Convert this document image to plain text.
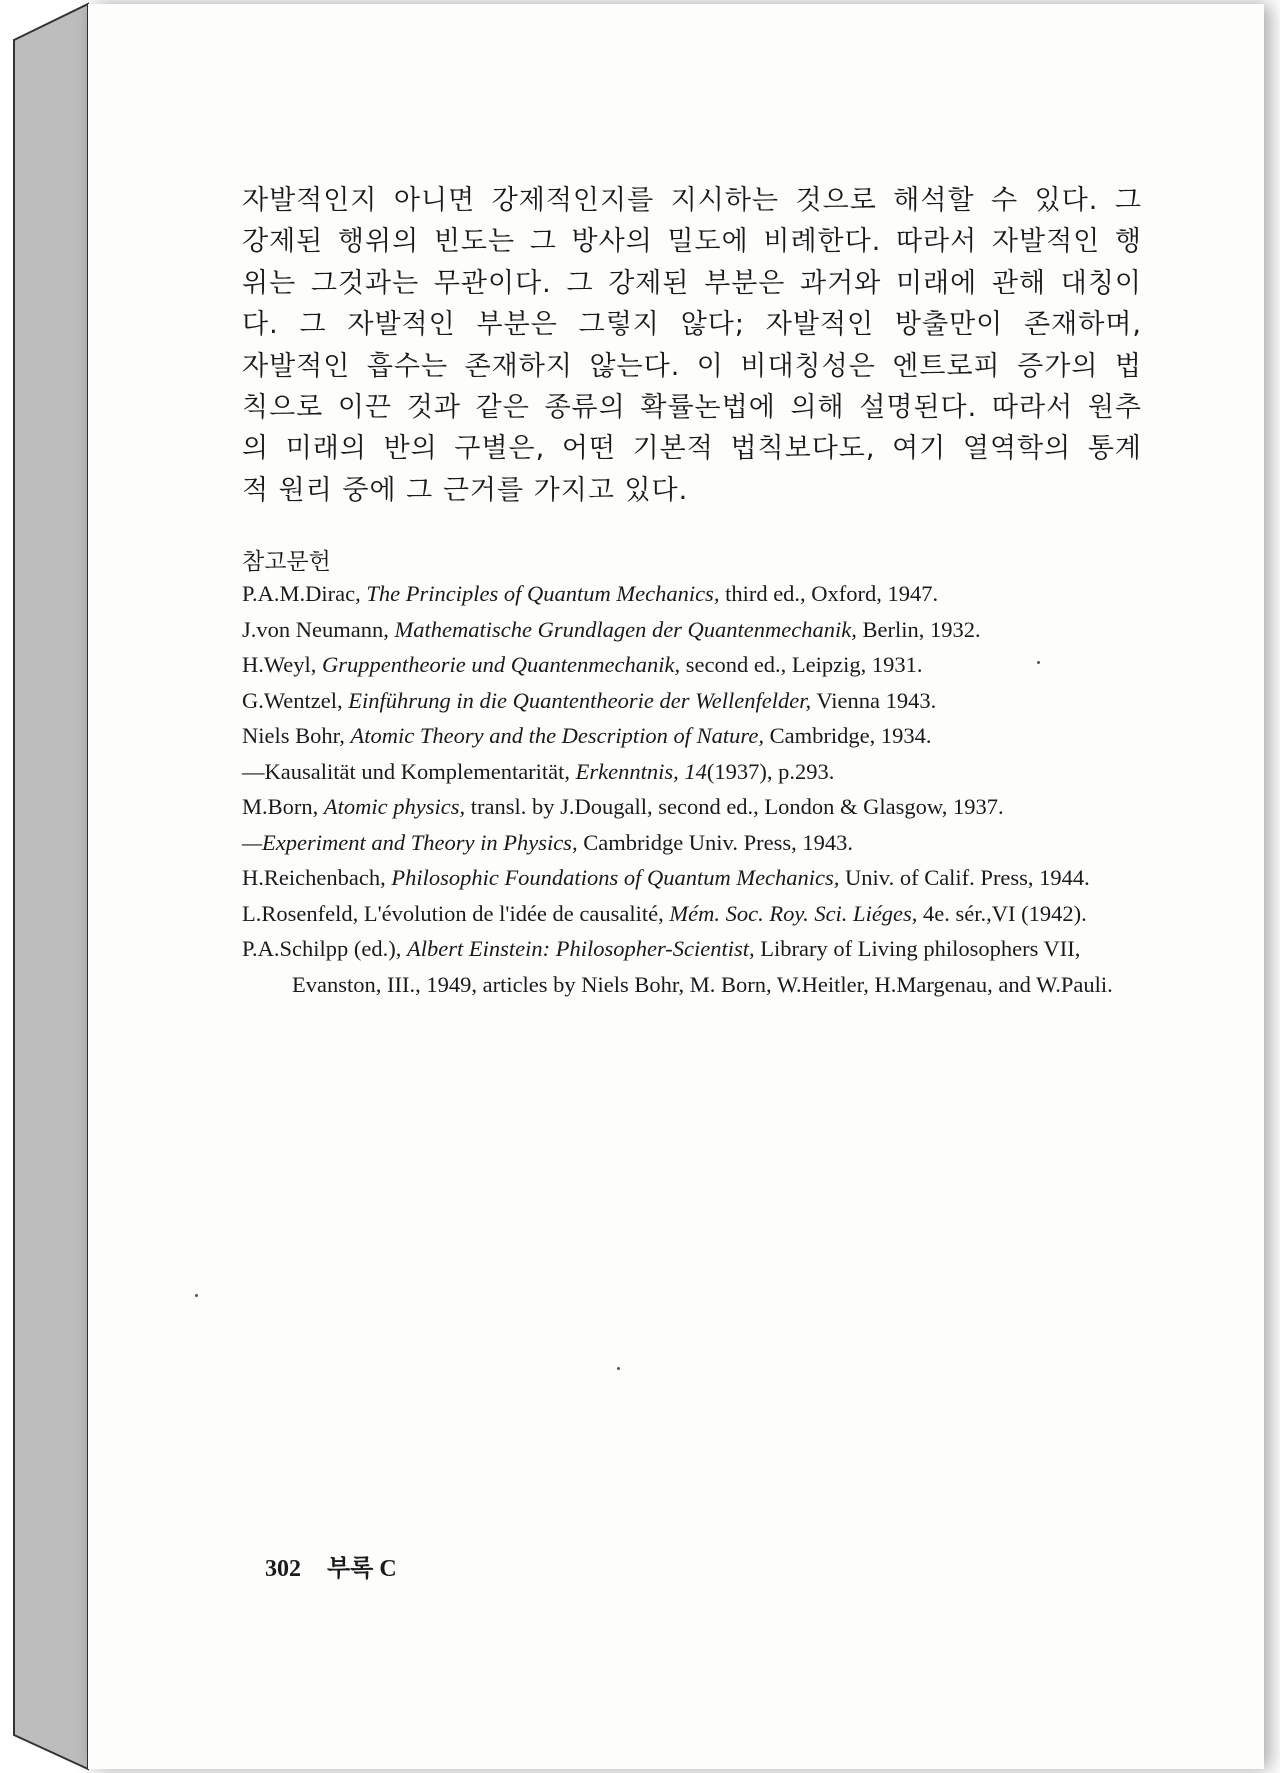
자발적인지 아니면 강제적인지를 지시하는 것으로 해석할 수 있다. 그
강제된 행위의 빈도는 그 방사의 밀도에 비례한다. 따라서 자발적인 행
위는 그것과는 무관이다. 그 강제된 부분은 과거와 미래에 관해 대칭이
다. 그 자발적인 부분은 그렇지 않다; 자발적인 방출만이 존재하며,
자발적인 흡수는 존재하지 않는다. 이 비대칭성은 엔트로피 증가의 법
칙으로 이끈 것과 같은 종류의 확률논법에 의해 설명된다. 따라서 원추
의 미래의 반의 구별은, 어떤 기본적 법칙보다도, 여기 열역학의 통계
적 원리 중에 그 근거를 가지고 있다.
참고문헌
P.A.M.Dirac, The Principles of Quantum Mechanics, third ed., Oxford, 1947.
J.von Neumann, Mathematische Grundlagen der Quantenmechanik, Berlin, 1932.
H.Weyl, Gruppentheorie und Quantenmechanik, second ed., Leipzig, 1931.
G.Wentzel, Einführung in die Quantentheorie der Wellenfelder, Vienna 1943.
Niels Bohr, Atomic Theory and the Description of Nature, Cambridge, 1934.
—Kausalität und Komplementarität, Erkenntnis, 14(1937), p.293.
M.Born, Atomic physics, transl. by J.Dougall, second ed., London & Glasgow, 1937.
—Experiment and Theory in Physics, Cambridge Univ. Press, 1943.
H.Reichenbach, Philosophic Foundations of Quantum Mechanics, Univ. of Calif. Press, 1944.
L.Rosenfeld, L'évolution de l'idée de causalité, Mém. Soc. Roy. Sci. Liéges, 4e. sér.,VI (1942).
P.A.Schilpp (ed.), Albert Einstein: Philosopher-Scientist, Library of Living philosophers VII, Evanston, III., 1949, articles by Niels Bohr, M. Born, W.Heitler, H.Margenau, and W.Pauli.
302 부록 C
